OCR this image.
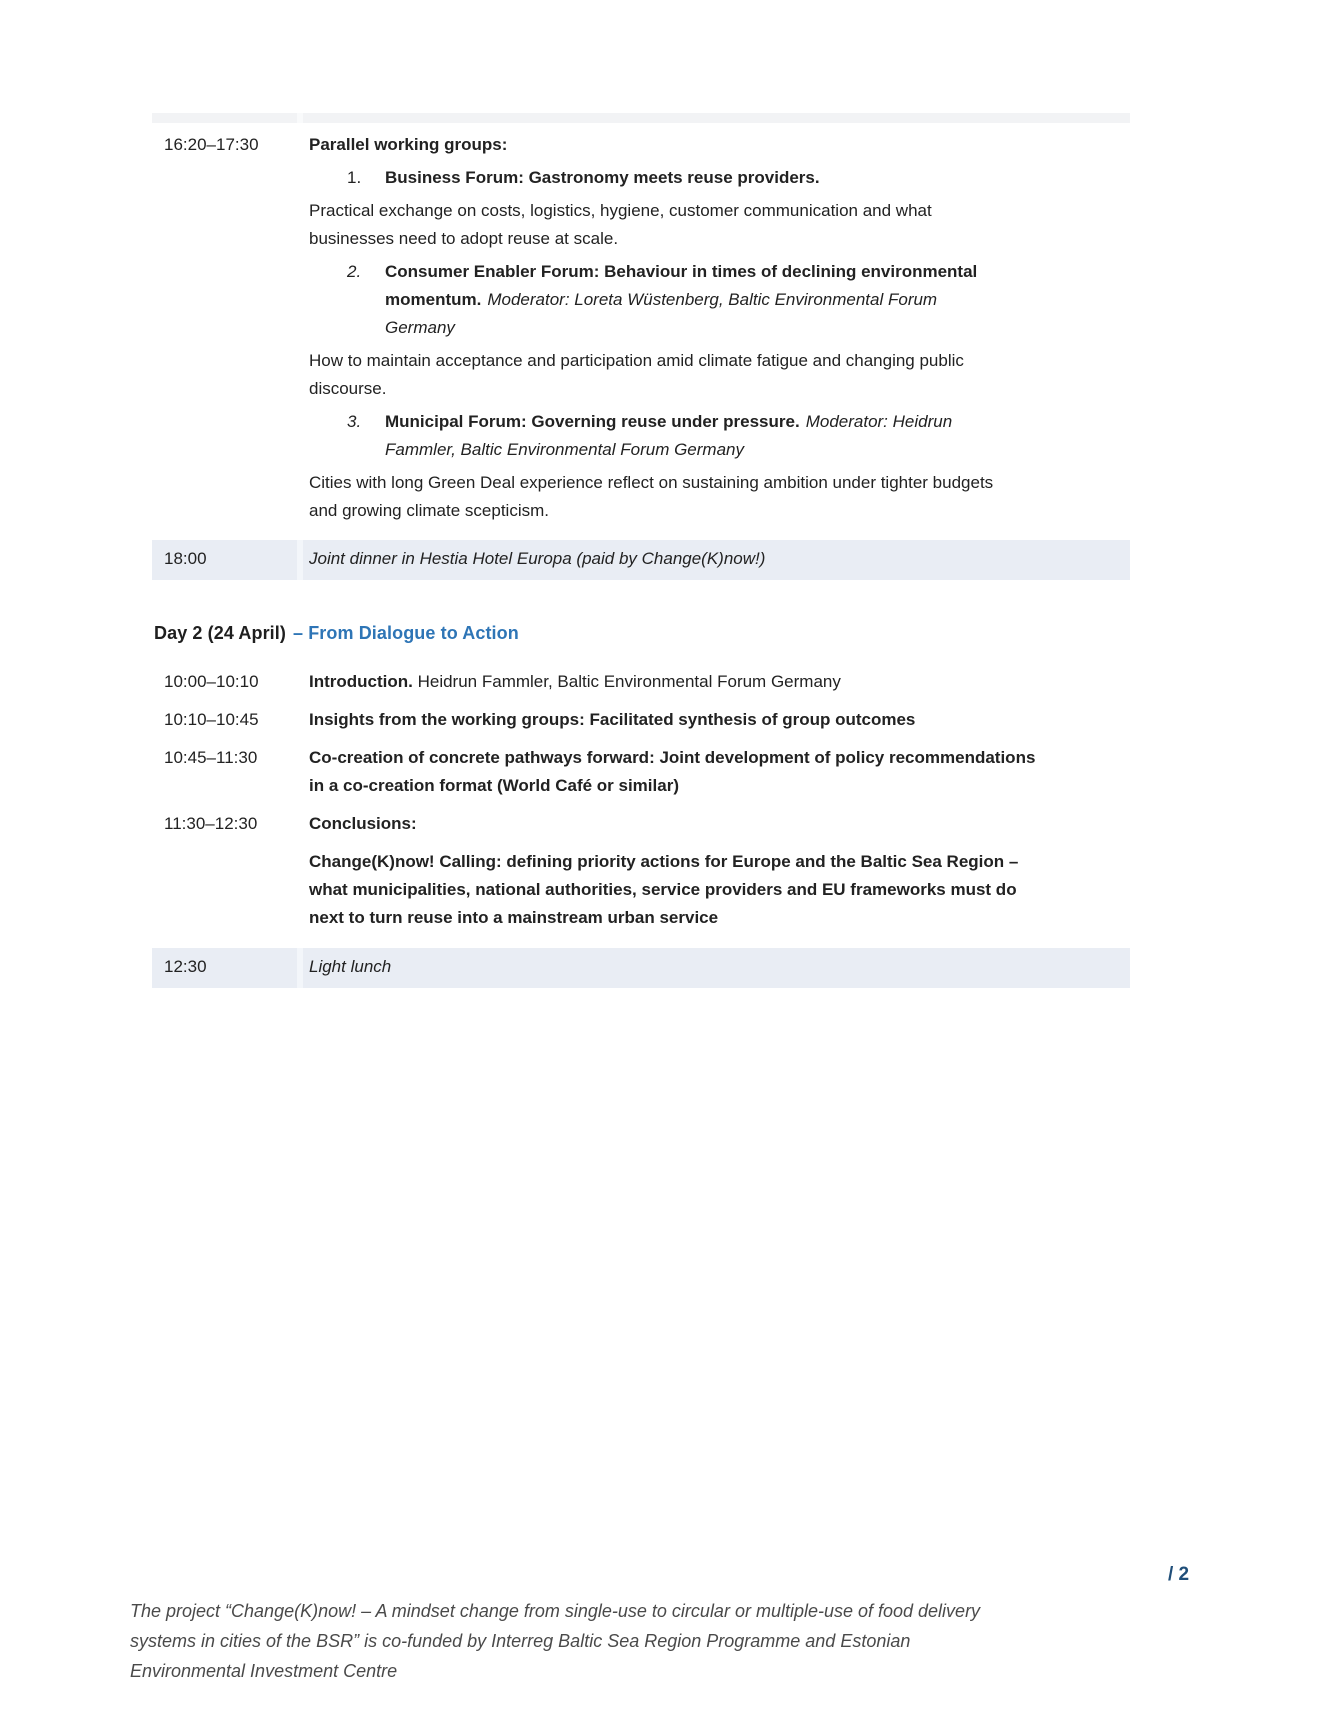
16:20–17:30	Parallel working groups:
1.	Business Forum: Gastronomy meets reuse providers.

Practical exchange on costs, logistics, hygiene, customer communication and what businesses need to adopt reuse at scale.

2.	Consumer Enabler Forum: Behaviour in times of declining environmental momentum. Moderator: Loreta Wüstenberg, Baltic Environmental Forum Germany

How to maintain acceptance and participation amid climate fatigue and changing public discourse.

3.	Municipal Forum: Governing reuse under pressure. Moderator: Heidrun Fammler, Baltic Environmental Forum Germany

Cities with long Green Deal experience reflect on sustaining ambition under tighter budgets and growing climate scepticism.

18:00	Joint dinner in Hestia Hotel Europa (paid by Change(K)now!)
Day 2 (24 April) – From Dialogue to Action
10:00–10:10	Introduction. Heidrun Fammler, Baltic Environmental Forum Germany
10:10–10:45	Insights from the working groups: Facilitated synthesis of group outcomes
10:45–11:30	Co-creation of concrete pathways forward: Joint development of policy recommendations in a co-creation format (World Café or similar)
11:30–12:30	Conclusions:

Change(K)now! Calling: defining priority actions for Europe and the Baltic Sea Region – what municipalities, national authorities, service providers and EU frameworks must do next to turn reuse into a mainstream urban service

12:30	Light lunch
The project “Change(K)now! – A mindset change from single-use to circular or multiple-use of food delivery
systems in cities of the BSR” is co-funded by Interreg Baltic Sea Region Programme and Estonian
Environmental Investment Centre
/ 2
